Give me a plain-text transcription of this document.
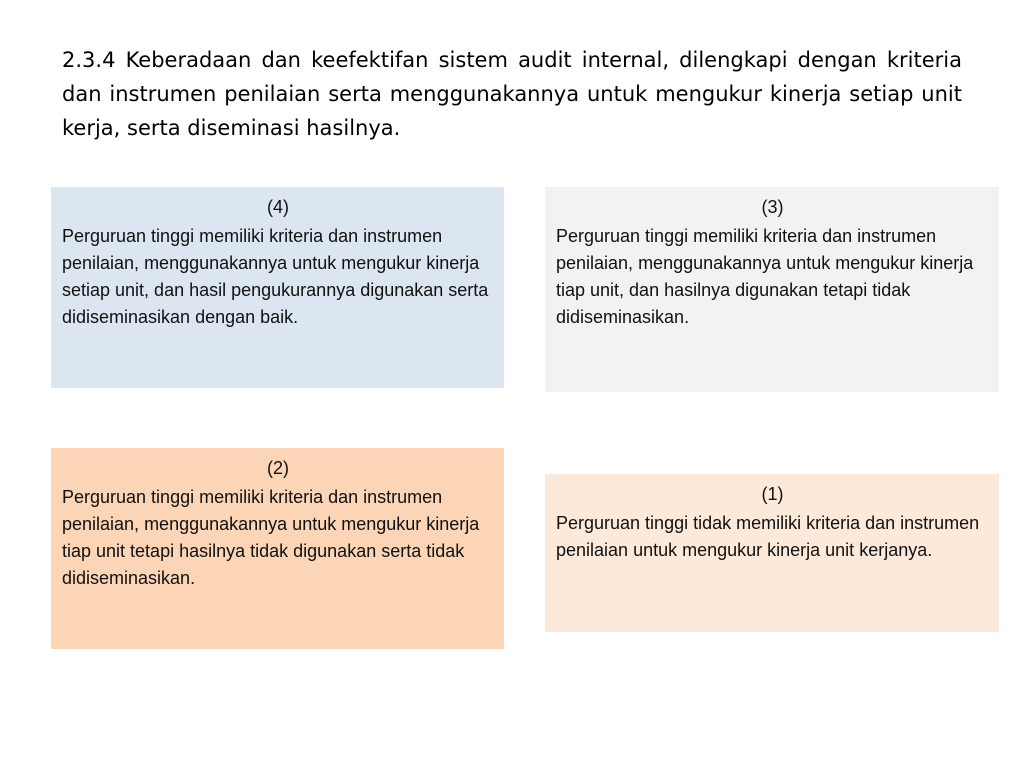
2.3.4 Keberadaan dan keefektifan sistem audit internal, dilengkapi dengan kriteria dan instrumen penilaian serta menggunakannya untuk mengukur kinerja setiap unit kerja, serta diseminasi hasilnya.

(4)

Perguruan tinggi memiliki kriteria dan instrumen penilaian, menggunakannya untuk mengukur kinerja setiap unit, dan hasil pengukurannya digunakan serta didiseminasikan dengan baik.

(3)

Perguruan tinggi memiliki kriteria dan instrumen penilaian, menggunakannya untuk mengukur kinerja tiap unit, dan hasilnya digunakan tetapi tidak didiseminasikan.

(2)

Perguruan tinggi memiliki kriteria dan instrumen penilaian, menggunakannya untuk mengukur kinerja tiap unit tetapi hasilnya tidak digunakan serta tidak didiseminasikan.

(1)

Perguruan tinggi tidak memiliki kriteria dan instrumen penilaian untuk mengukur kinerja unit kerjanya.
